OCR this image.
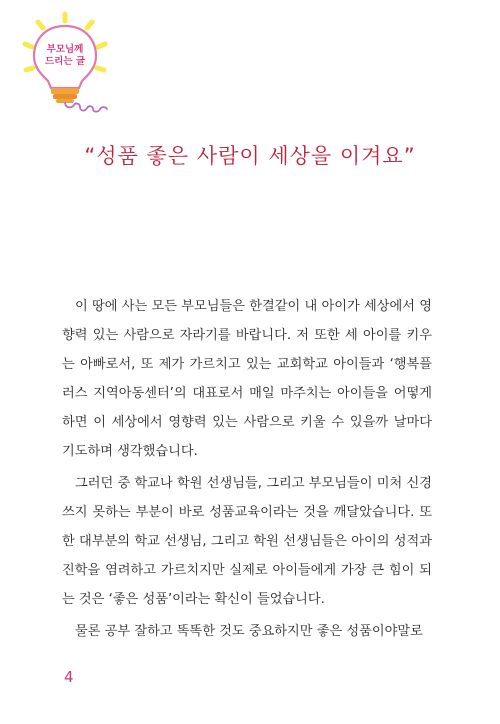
부모님께
드리는 글
“성품 좋은 사람이 세상을 이겨요”

이 땅에 사는 모든 부모님들은 한결같이 내 아이가 세상에서 영향력 있는 사람으로 자라기를 바랍니다. 저 또한 세 아이를 키우는 아빠로서, 또 제가 가르치고 있는 교회학교 아이들과 ‘행복플러스 지역아동센터’의 대표로서 매일 마주치는 아이들을 어떻게 하면 이 세상에서 영향력 있는 사람으로 키울 수 있을까 날마다 기도하며 생각했습니다.

그러던 중 학교나 학원 선생님들, 그리고 부모님들이 미처 신경 쓰지 못하는 부분이 바로 성품교육이라는 것을 깨달았습니다. 또한 대부분의 학교 선생님, 그리고 학원 선생님들은 아이의 성적과 진학을 염려하고 가르치지만 실제로 아이들에게 가장 큰 힘이 되는 것은 ‘좋은 성품’이라는 확신이 들었습니다.

물론 공부 잘하고 똑똑한 것도 중요하지만 좋은 성품이야말로

4
